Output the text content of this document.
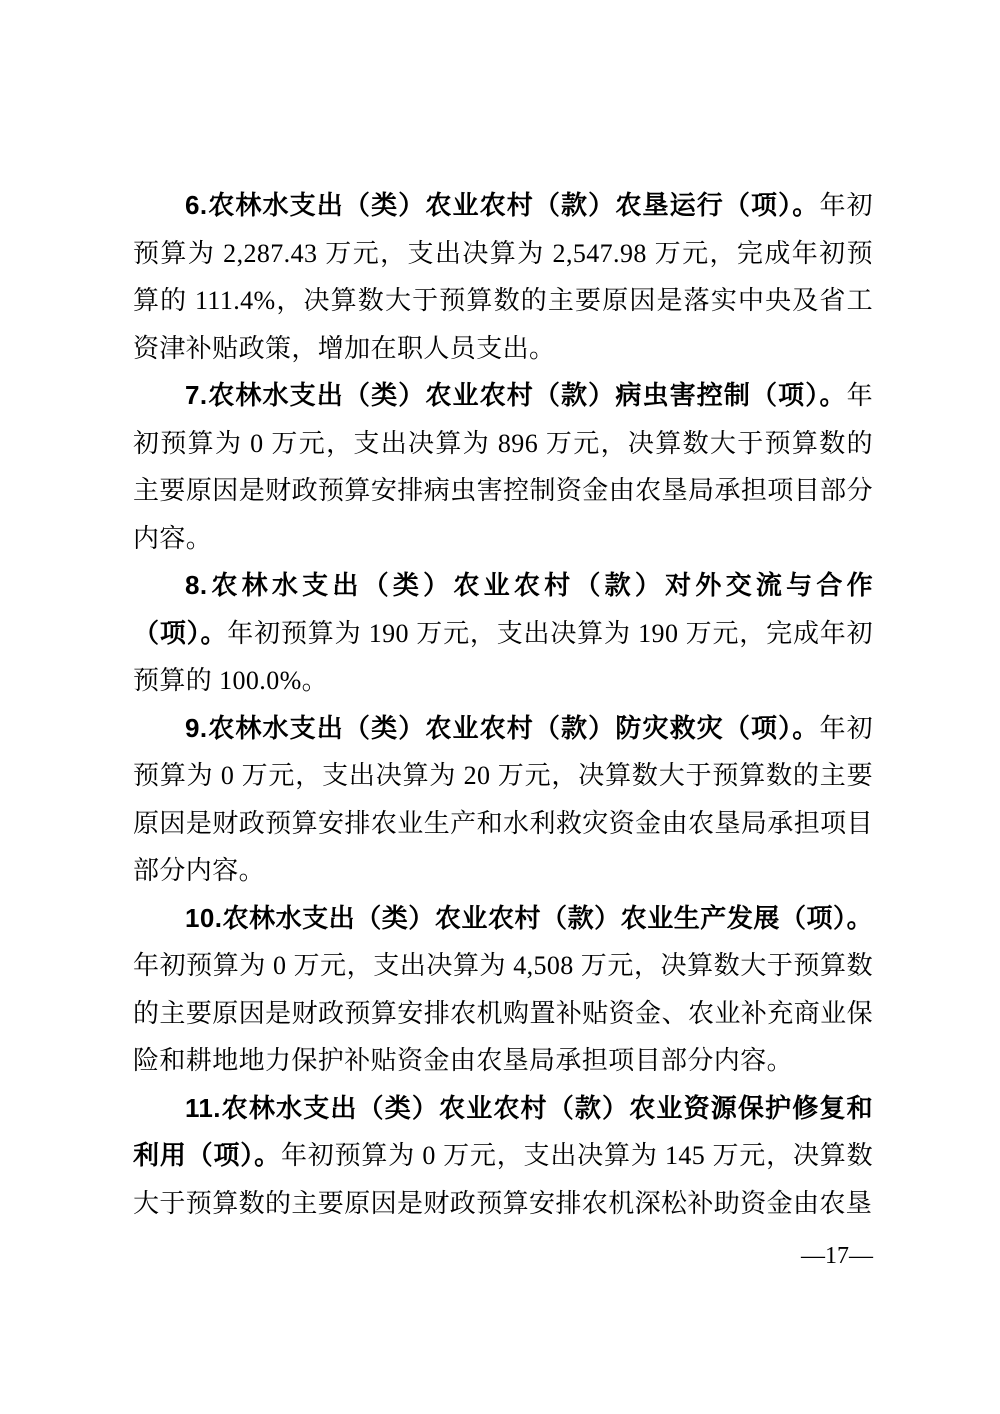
6.农林水支出（类）农业农村（款）农垦运行（项）。年初预算为 2,287.43 万元，支出决算为 2,547.98 万元，完成年初预算的 111.4%，决算数大于预算数的主要原因是落实中央及省工资津补贴政策，增加在职人员支出。

7.农林水支出（类）农业农村（款）病虫害控制（项）。年初预算为 0 万元，支出决算为 896 万元，决算数大于预算数的主要原因是财政预算安排病虫害控制资金由农垦局承担项目部分内容。

8.农林水支出（类）农业农村（款）对外交流与合作（项）。年初预算为 190 万元，支出决算为 190 万元，完成年初预算的 100.0%。

9.农林水支出（类）农业农村（款）防灾救灾（项）。年初预算为 0 万元，支出决算为 20 万元，决算数大于预算数的主要原因是财政预算安排农业生产和水利救灾资金由农垦局承担项目部分内容。

10.农林水支出（类）农业农村（款）农业生产发展（项）。年初预算为 0 万元，支出决算为 4,508 万元，决算数大于预算数的主要原因是财政预算安排农机购置补贴资金、农业补充商业保险和耕地地力保护补贴资金由农垦局承担项目部分内容。

11.农林水支出（类）农业农村（款）农业资源保护修复和利用（项）。年初预算为 0 万元，支出决算为 145 万元，决算数大于预算数的主要原因是财政预算安排农机深松补助资金由农垦

—17—
